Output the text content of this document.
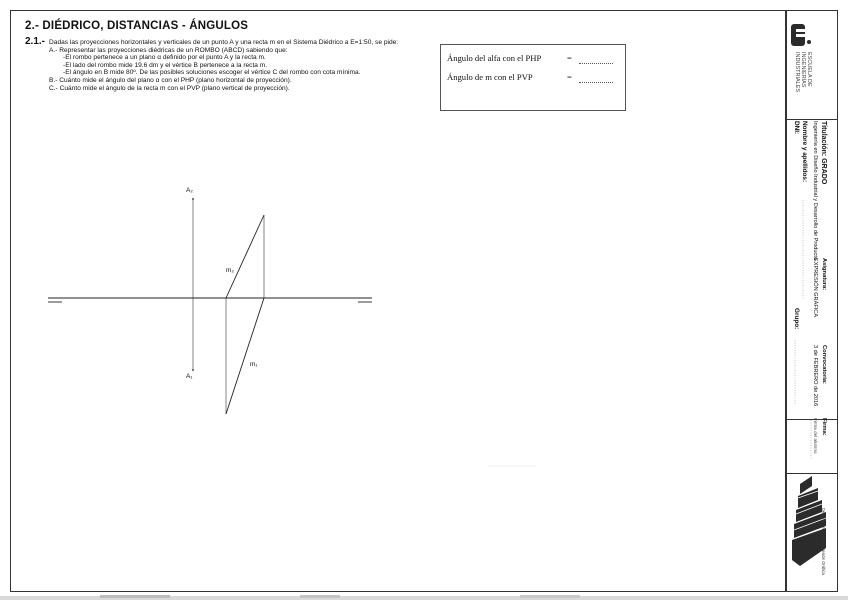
2.- DIÉDRICO, DISTANCIAS - ÁNGULOS
2.1.- Dadas las proyecciones horizontales y verticales de un punto A y una recta m en el Sistema Diédrico a E=1:50, se pide:
A.- Representar las proyecciones diédricas de un ROMBO (ABCD) sabiendo que:
-El rombo pertenece a un plano α definido por el punto A y la recta m.
-El lado del rombo mide 19.6 dm y el vértice B pertenece a la recta m.
-El ángulo en B mide 80º. De las posibles soluciones escoger el vértice C del rombo con cota mínima.
B.- Cuánto mide el ángulo del plano α con el PHP (plano horizontal de proyección).
C.- Cuánto mide el ángulo de la recta m con el PVP (plano vertical de proyección).
Ángulo del alfa con el PHP	=
Ángulo de m con el PVP	=
A₂
A₁
m₂
m₁
ESCUELA DE INGENIERÍAS INDUSTRIALES
Titulación: GRADO
Ingeniería en Diseño Industrial y Desarrollo de Producto
Nombre y apellidos:
DNI:
Asignatura:
EXPRESIÓN GRÁFICA
Grupo:
Convocatoria:
3 de FEBRERO de 2016
Firma:
Firma del alumno
Departamento de Expresión Gráfica
